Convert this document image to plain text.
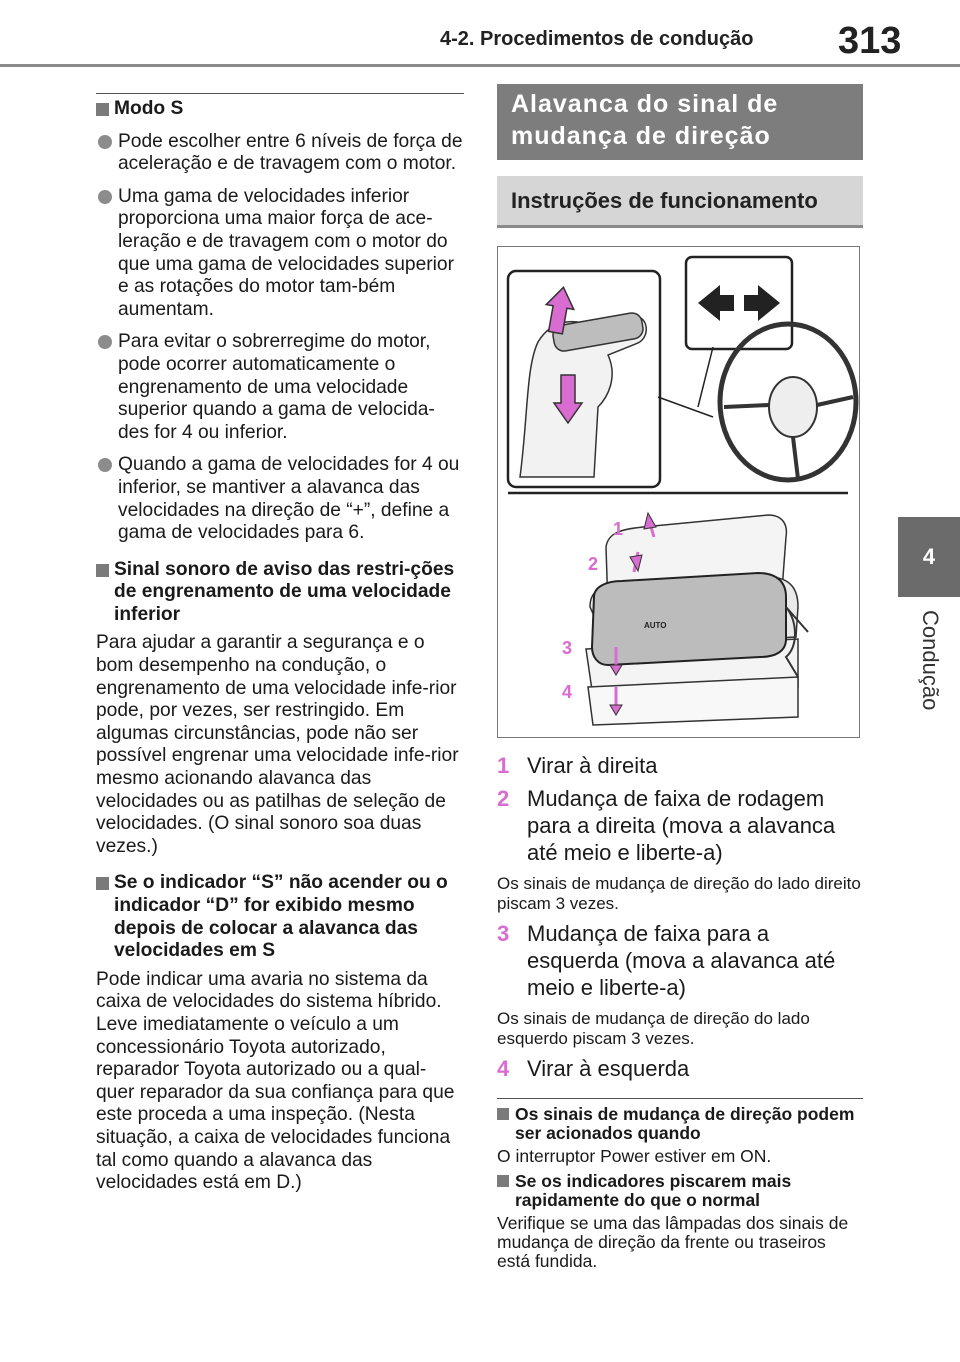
4-2. Procedimentos de condução 313
4
Condução
Modo S
Pode escolher entre 6 níveis de força de aceleração e de travagem com o motor.
Uma gama de velocidades inferior proporciona uma maior força de ace-leração e de travagem com o motor do que uma gama de velocidades superior e as rotações do motor tam-bém aumentam.
Para evitar o sobrerregime do motor, pode ocorrer automaticamente o engrenamento de uma velocidade superior quando a gama de velocida-des for 4 ou inferior.
Quando a gama de velocidades for 4 ou inferior, se mantiver a alavanca das velocidades na direção de “+”, define a gama de velocidades para 6.
Sinal sonoro de aviso das restri-ções de engrenamento de uma velocidade inferior
Para ajudar a garantir a segurança e o bom desempenho na condução, o engrenamento de uma velocidade infe-rior pode, por vezes, ser restringido. Em algumas circunstâncias, pode não ser possível engrenar uma velocidade infe-rior mesmo acionando alavanca das velocidades ou as patilhas de seleção de velocidades. (O sinal sonoro soa duas vezes.)
Se o indicador “S” não acender ou o indicador “D” for exibido mesmo depois de colocar a alavanca das velocidades em S
Pode indicar uma avaria no sistema da caixa de velocidades do sistema híbrido. Leve imediatamente o veículo a um concessionário Toyota autorizado, reparador Toyota autorizado ou a qual-quer reparador da sua confiança para que este proceda a uma inspeção. (Nesta situação, a caixa de velocidades funciona tal como quando a alavanca das velocidades está em D.)
Alavanca do sinal de mudança de direção
Instruções de funcionamento
AUTO
1
2
3
4
1 Virar à direita
2 Mudança de faixa de rodagem para a direita (mova a alavanca até meio e liberte-a)
Os sinais de mudança de direção do lado direito piscam 3 vezes.
3 Mudança de faixa para a esquerda (mova a alavanca até meio e liberte-a)
Os sinais de mudança de direção do lado esquerdo piscam 3 vezes.
4 Virar à esquerda
Os sinais de mudança de direção podem ser acionados quando
O interruptor Power estiver em ON.
Se os indicadores piscarem mais rapidamente do que o normal
Verifique se uma das lâmpadas dos sinais de mudança de direção da frente ou traseiros está fundida.
